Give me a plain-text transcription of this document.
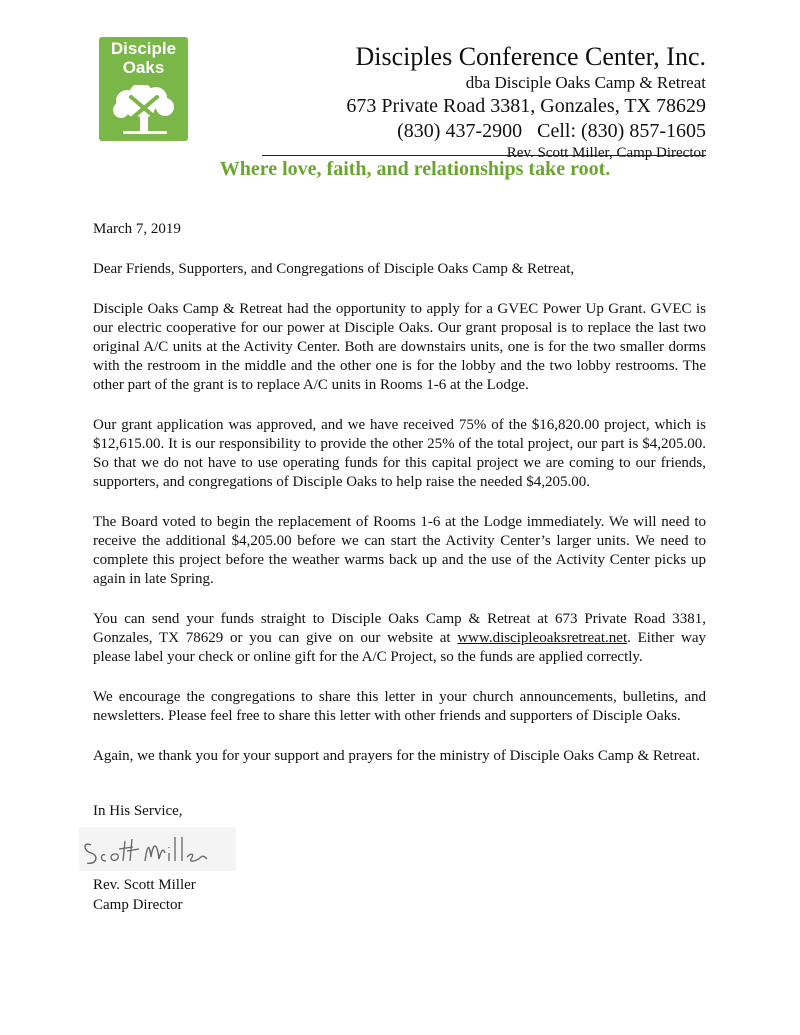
Disciple
Oaks	Disciples Conference Center, Inc.
dba Disciple Oaks Camp & Retreat
673 Private Road 3381, Gonzales, TX 78629
(830) 437-2900   Cell: (830) 857-1605
Rev. Scott Miller, Camp Director
Where love, faith, and relationships take root.

March 7, 2019

Dear Friends, Supporters, and Congregations of Disciple Oaks Camp & Retreat,

Disciple Oaks Camp & Retreat had the opportunity to apply for a GVEC Power Up Grant. GVEC is our electric cooperative for our power at Disciple Oaks. Our grant proposal is to replace the last two original A/C units at the Activity Center. Both are downstairs units, one is for the two smaller dorms with the restroom in the middle and the other one is for the lobby and the two lobby restrooms. The other part of the grant is to replace A/C units in Rooms 1-6 at the Lodge.

Our grant application was approved, and we have received 75% of the $16,820.00 project, which is $12,615.00. It is our responsibility to provide the other 25% of the total project, our part is $4,205.00. So that we do not have to use operating funds for this capital project we are coming to our friends, supporters, and congregations of Disciple Oaks to help raise the needed $4,205.00.

The Board voted to begin the replacement of Rooms 1-6 at the Lodge immediately. We will need to receive the additional $4,205.00 before we can start the Activity Center’s larger units. We need to complete this project before the weather warms back up and the use of the Activity Center picks up again in late Spring.

You can send your funds straight to Disciple Oaks Camp & Retreat at 673 Private Road 3381, Gonzales, TX 78629 or you can give on our website at www.discipleoaksretreat.net. Either way please label your check or online gift for the A/C Project, so the funds are applied correctly.

We encourage the congregations to share this letter in your church announcements, bulletins, and newsletters. Please feel free to share this letter with other friends and supporters of Disciple Oaks.

Again, we thank you for your support and prayers for the ministry of Disciple Oaks Camp & Retreat.

In His Service,
Rev. Scott Miller
Camp Director
